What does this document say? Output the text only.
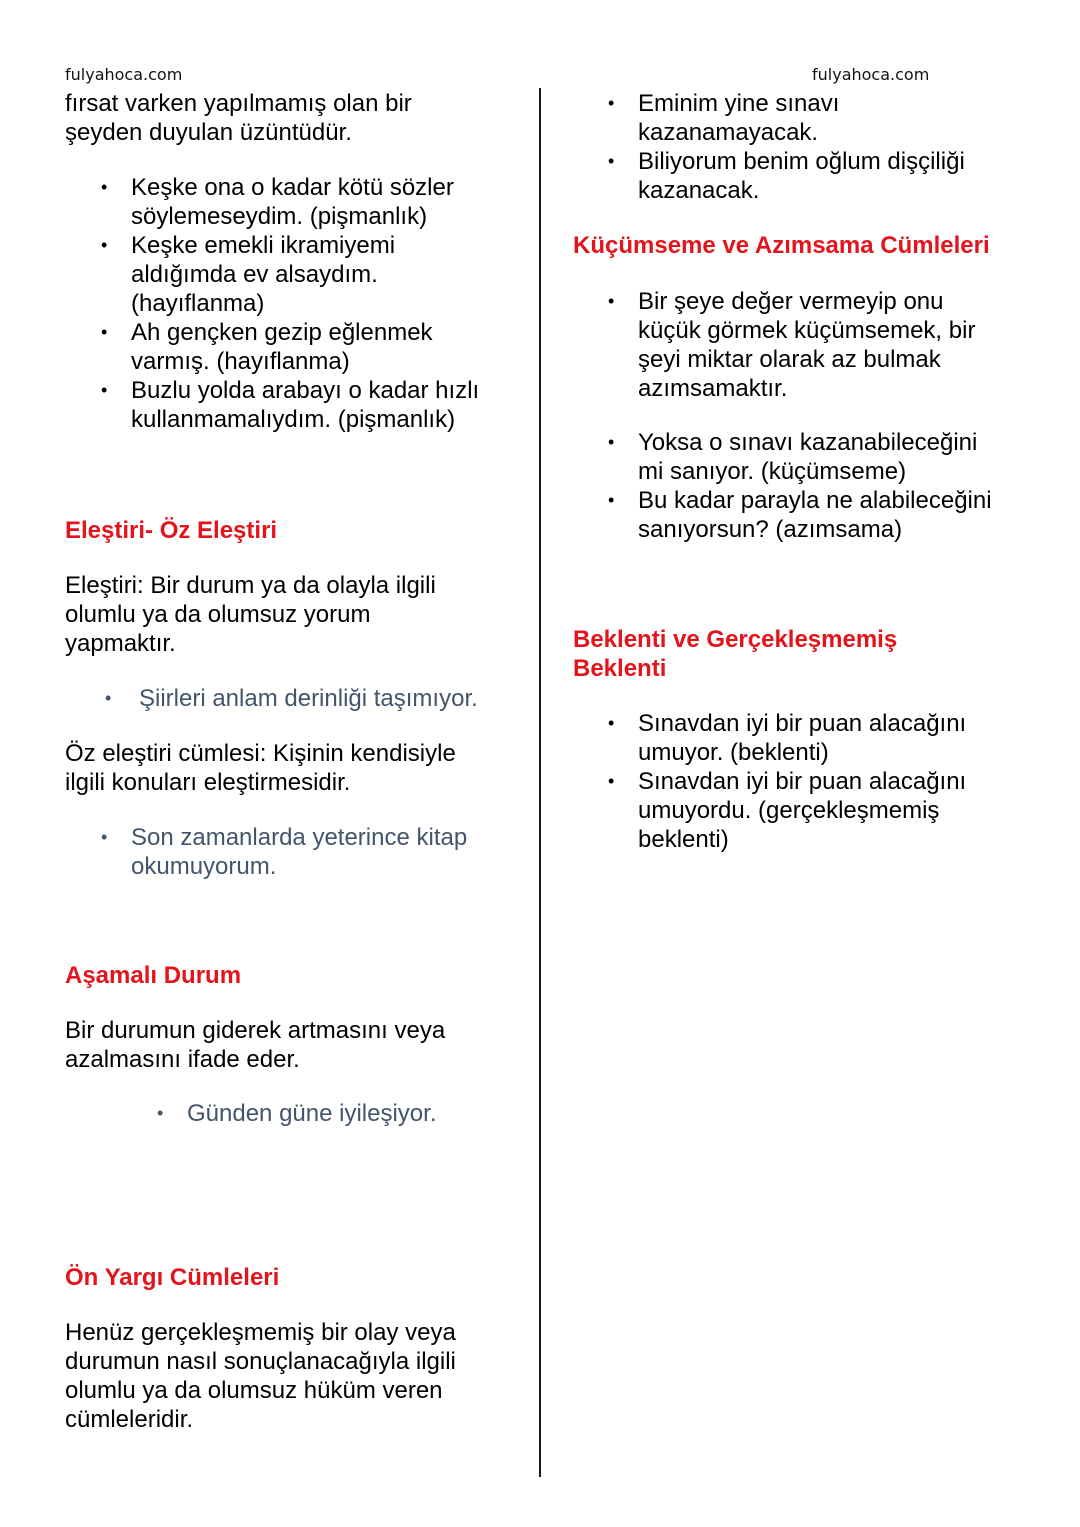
fulyahoca.com	fulyahoca.com

fırsat varken yapılmamış olan bir

şeyden duyulan üzüntüdür.

• Keşke ona o kadar kötü sözler
söylemeseydim. (pişmanlık)
• Keşke emekli ikramiyemi
aldığımda ev alsaydım.
(hayıflanma)
• Ah gençken gezip eğlenmek
varmış. (hayıflanma)
• Buzlu yolda arabayı o kadar hızlı
kullanmamalıydım. (pişmanlık)
Eleştiri- Öz Eleştiri

Eleştiri: Bir durum ya da olayla ilgili

olumlu ya da olumsuz yorum

yapmaktır.

• Şiirleri anlam derinliği taşımıyor.

Öz eleştiri cümlesi: Kişinin kendisiyle

ilgili konuları eleştirmesidir.

• Son zamanlarda yeterince kitap
okumuyorum.
Aşamalı Durum

Bir durumun giderek artmasını veya

azalmasını ifade eder.

• Günden güne iyileşiyor.
Ön Yargı Cümleleri

Henüz gerçekleşmemiş bir olay veya

durumun nasıl sonuçlanacağıyla ilgili

olumlu ya da olumsuz hüküm veren

cümleleridir.

• Eminim yine sınavı
kazanamayacak.
• Biliyorum benim oğlum dişçiliği
kazanacak.
Küçümseme ve Azımsama Cümleleri
• Bir şeye değer vermeyip onu
küçük görmek küçümsemek, bir
şeyi miktar olarak az bulmak
azımsamaktır.
• Yoksa o sınavı kazanabileceğini
mi sanıyor. (küçümseme)
• Bu kadar parayla ne alabileceğini
sanıyorsun? (azımsama)
Beklenti ve Gerçekleşmemiş
Beklenti
• Sınavdan iyi bir puan alacağını
umuyor. (beklenti)
• Sınavdan iyi bir puan alacağını
umuyordu. (gerçekleşmemiş
beklenti)
